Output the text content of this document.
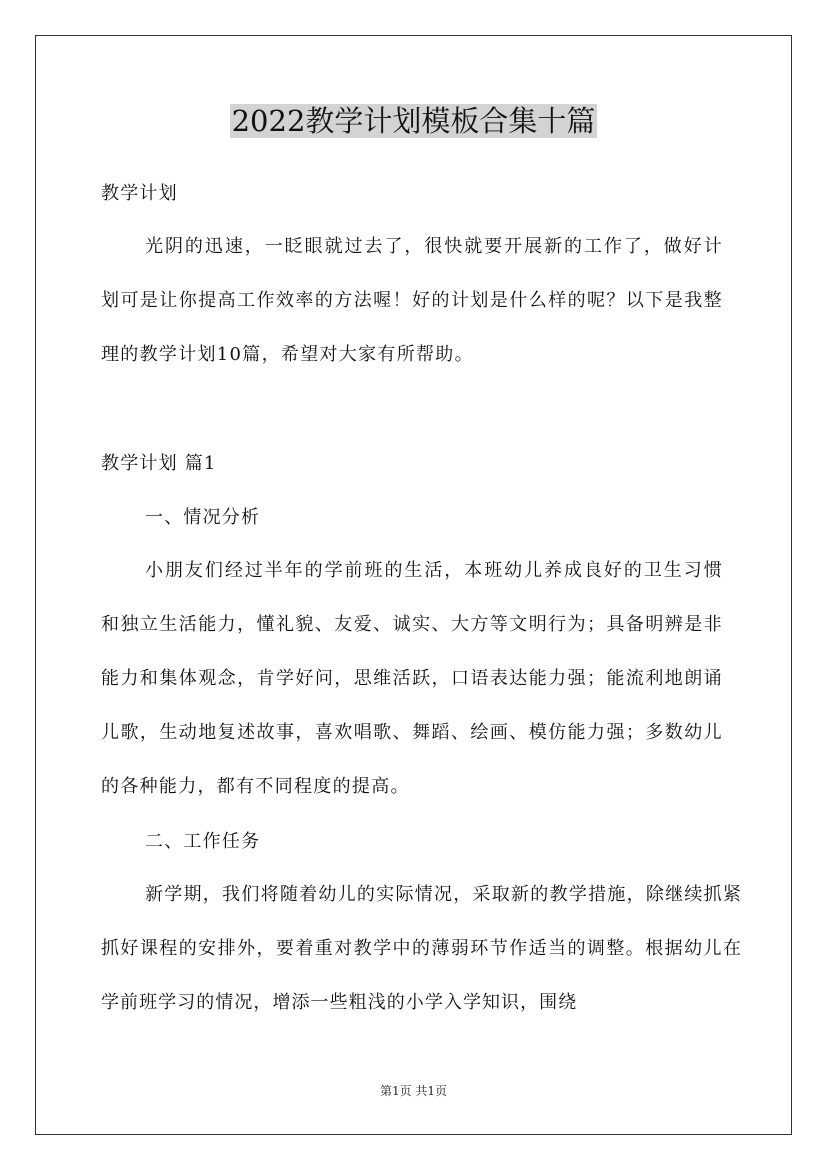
2022教学计划模板合集十篇
教学计划
光阴的迅速，一眨眼就过去了，很快就要开展新的工作了，做好计划可是让你提高工作效率的方法喔！好的计划是什么样的呢？以下是我整理的教学计划10篇，希望对大家有所帮助。
教学计划 篇1
一、情况分析
小朋友们经过半年的学前班的生活，本班幼儿养成良好的卫生习惯和独立生活能力，懂礼貌、友爱、诚实、大方等文明行为；具备明辨是非能力和集体观念，肯学好问，思维活跃，口语表达能力强；能流利地朗诵儿歌，生动地复述故事，喜欢唱歌、舞蹈、绘画、模仿能力强；多数幼儿的各种能力，都有不同程度的提高。
二、工作任务
新学期，我们将随着幼儿的实际情况，采取新的教学措施，除继续抓紧抓好课程的安排外，要着重对教学中的薄弱环节作适当的调整。根据幼儿在学前班学习的情况，增添一些粗浅的小学入学知识，围绕
第1页 共1页
